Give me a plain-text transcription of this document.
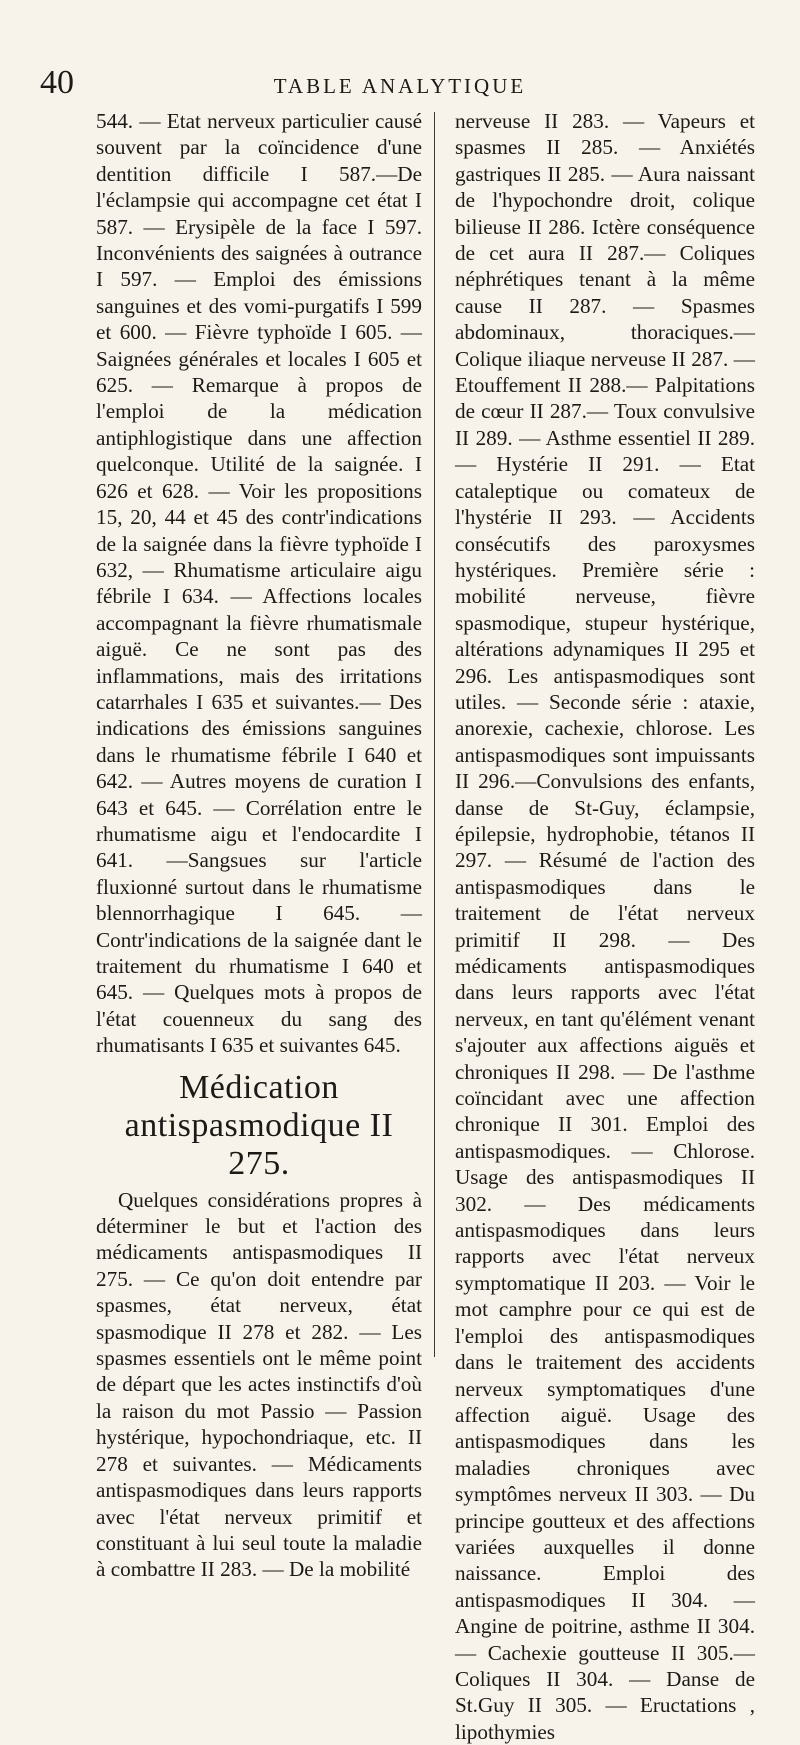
40	TABLE ANALYTIQUE

544. — Etat nerveux particulier causé souvent par la coïncidence d'une dentition difficile I 587.—De l'éclampsie qui accompagne cet état I 587. — Erysipèle de la face I 597. Inconvénients des saignées à outrance I 597. — Emploi des émissions sanguines et des vomi-purgatifs I 599 et 600. — Fièvre typhoïde I 605. — Saignées générales et locales I 605 et 625. — Remarque à propos de l'emploi de la médication antiphlogistique dans une affection quelconque. Utilité de la saignée. I 626 et 628. — Voir les propositions 15, 20, 44 et 45 des contr'indications de la saignée dans la fièvre typhoïde I 632, — Rhumatisme articulaire aigu fébrile I 634. — Affections locales accompagnant la fièvre rhumatismale aiguë. Ce ne sont pas des inflammations, mais des irritations catarrhales I 635 et suivantes.— Des indications des émissions sanguines dans le rhumatisme fébrile I 640 et 642. — Autres moyens de curation I 643 et 645. — Corrélation entre le rhumatisme aigu et l'endocardite I 641. —Sangsues sur l'article fluxionné surtout dans le rhumatisme blennorrhagique I 645. — Contr'indications de la saignée dant le traitement du rhumatisme I 640 et 645. — Quelques mots à propos de l'état couenneux du sang des rhumatisants I 635 et suivantes 645.

Médication antispasmodique II
275.

Quelques considérations propres à déterminer le but et l'action des médicaments antispasmodiques II 275. — Ce qu'on doit entendre par spasmes, état nerveux, état spasmodique II 278 et 282. — Les spasmes essentiels ont le même point de départ que les actes instinctifs d'où la raison du mot Passio — Passion hystérique, hypochondriaque, etc. II 278 et suivantes. — Médicaments antispasmodiques dans leurs rapports avec l'état nerveux primitif et constituant à lui seul toute la maladie à combattre II 283. — De la mobilité

nerveuse II 283. — Vapeurs et spasmes II 285. — Anxiétés gastriques II 285. — Aura naissant de l'hypochondre droit, colique bilieuse II 286. Ictère conséquence de cet aura II 287.— Coliques néphrétiques tenant à la même cause II 287. — Spasmes abdominaux, thoraciques.—Colique iliaque nerveuse II 287. — Etouffement II 288.— Palpitations de cœur II 287.— Toux convulsive II 289. — Asthme essentiel II 289. — Hystérie II 291. — Etat cataleptique ou comateux de l'hystérie II 293. — Accidents consécutifs des paroxysmes hystériques. Première série : mobilité nerveuse, fièvre spasmodique, stupeur hystérique, altérations adynamiques II 295 et 296. Les antispasmodiques sont utiles. — Seconde série : ataxie, anorexie, cachexie, chlorose. Les antispasmodiques sont impuissants II 296.—Convulsions des enfants, danse de St-Guy, éclampsie, épilepsie, hydrophobie, tétanos II 297. — Résumé de l'action des antispasmodiques dans le traitement de l'état nerveux primitif II 298. — Des médicaments antispasmodiques dans leurs rapports avec l'état nerveux, en tant qu'élément venant s'ajouter aux affections aiguës et chroniques II 298. — De l'asthme coïncidant avec une affection chronique II 301. Emploi des antispasmodiques. — Chlorose. Usage des antispasmodiques II 302. — Des médicaments antispasmodiques dans leurs rapports avec l'état nerveux symptomatique II 203. — Voir le mot camphre pour ce qui est de l'emploi des antispasmodiques dans le traitement des accidents nerveux symptomatiques d'une affection aiguë. Usage des antispasmodiques dans les maladies chroniques avec symptômes nerveux II 303. — Du principe goutteux et des affections variées auxquelles il donne naissance. Emploi des antispasmodiques II 304. — Angine de poitrine, asthme II 304.— Cachexie goutteuse II 305.— Coliques II 304. — Danse de St.Guy II 305. — Eructations , lipothymies
